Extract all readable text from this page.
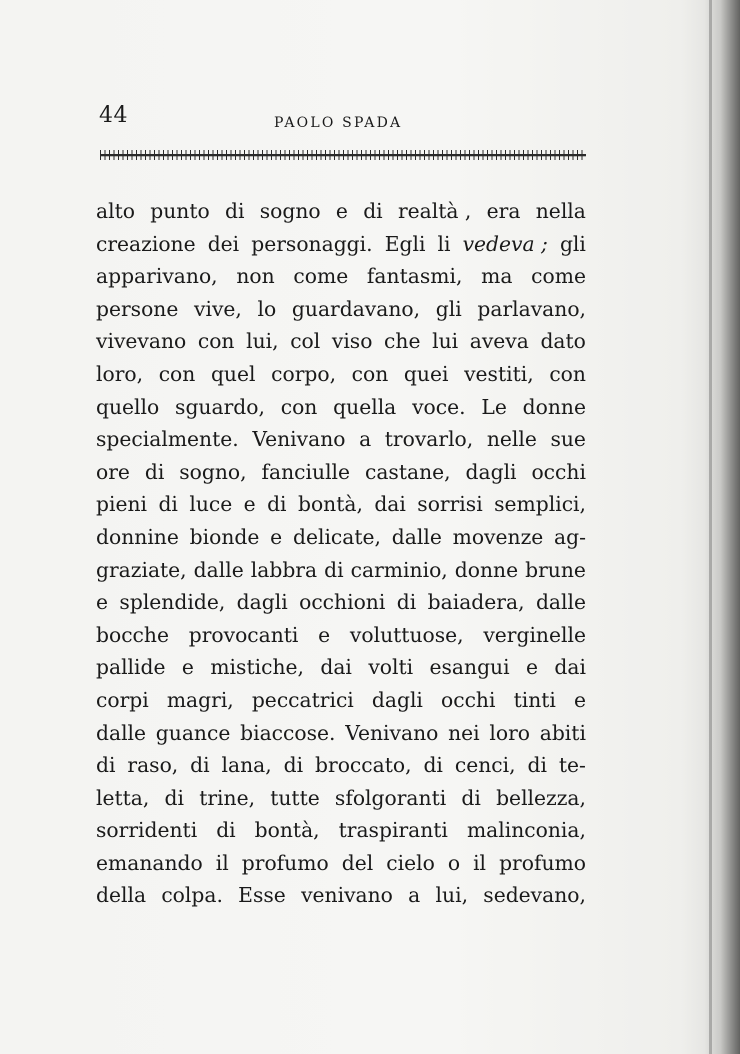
44	PAOLO SPADA
alto punto di sogno e di realtà , era nella
creazione dei personaggi. Egli li vedeva ; gli
apparivano, non come fantasmi, ma come
persone vive, lo guardavano, gli parlavano,
vivevano con lui, col viso che lui aveva dato
loro, con quel corpo, con quei vestiti, con
quello sguardo, con quella voce. Le donne
specialmente. Venivano a trovarlo, nelle sue
ore di sogno, fanciulle castane, dagli occhi
pieni di luce e di bontà, dai sorrisi semplici,
donnine bionde e delicate, dalle movenze ag-
graziate, dalle labbra di carminio, donne brune
e splendide, dagli occhioni di baiadera, dalle
bocche provocanti e voluttuose, verginelle
pallide e mistiche, dai volti esangui e dai
corpi magri, peccatrici dagli occhi tinti e
dalle guance biaccose. Venivano nei loro abiti
di raso, di lana, di broccato, di cenci, di te-
letta, di trine, tutte sfolgoranti di bellezza,
sorridenti di bontà, traspiranti malinconia,
emanando il profumo del cielo o il profumo
della colpa. Esse venivano a lui, sedevano,
